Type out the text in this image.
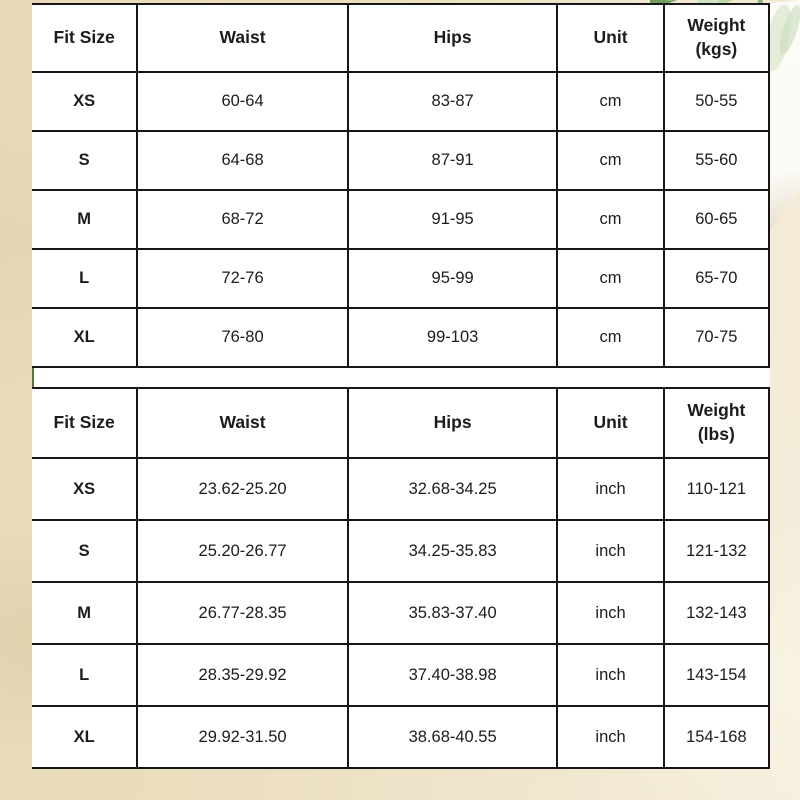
Fit Size	Waist	Hips	Unit	Weight (kgs)
XS	60-64	83-87	cm	50-55
S	64-68	87-91	cm	55-60
M	68-72	91-95	cm	60-65
L	72-76	95-99	cm	65-70
XL	76-80	99-103	cm	70-75
Fit Size	Waist	Hips	Unit	Weight (lbs)
XS	23.62-25.20	32.68-34.25	inch	110-121
S	25.20-26.77	34.25-35.83	inch	121-132
M	26.77-28.35	35.83-37.40	inch	132-143
L	28.35-29.92	37.40-38.98	inch	143-154
XL	29.92-31.50	38.68-40.55	inch	154-168
